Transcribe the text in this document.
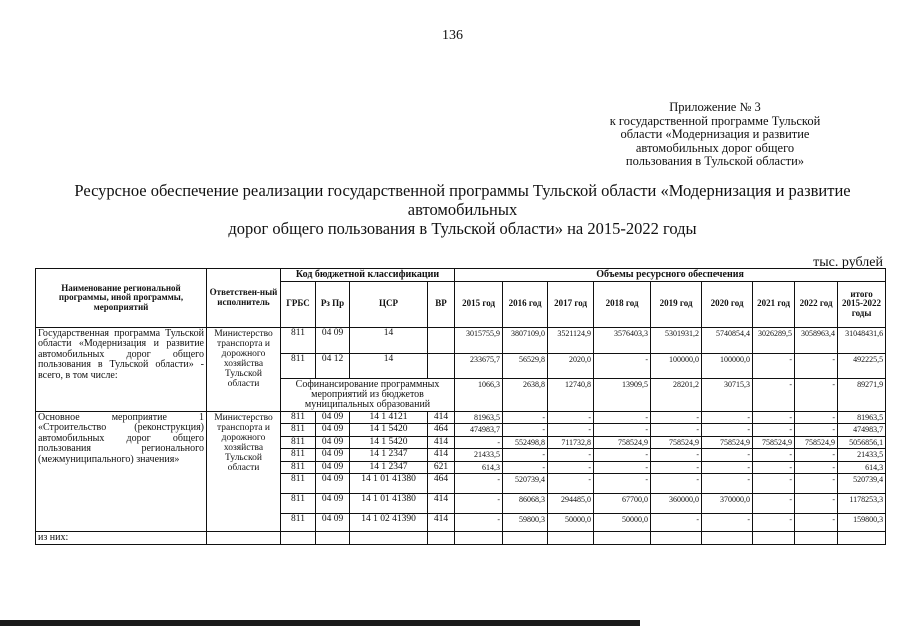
136
Приложение № 3
к государственной программе Тульской
области «Модернизация и развитие
автомобильных дорог общего
пользования в Тульской области»
Ресурсное обеспечение реализации государственной программы Тульской области «Модернизация и развитие автомобильных
дорог общего пользования в Тульской области» на 2015-2022 годы
тыс. рублей
Наименование региональной программы, иной программы, мероприятий	Ответствен-ный исполнитель	Код бюджетной классификации				Объемы ресурсного обеспечения								
		ГРБС	Рз Пр	ЦСР	ВР	2015 год	2016 год	2017 год	2018 год	2019 год	2020 год	2021 год	2022 год	итого 2015-2022 годы
Государственная программа Тульской области «Модернизация и развитие автомобильных дорог общего пользования в Тульской области» - всего, в том числе:	Министерство транспорта и дорожного хозяйства Тульской области	811	04 09	14		3015755,9	3807109,0	3521124,9	3576403,3	5301931,2	5740854,4	3026289,5	3058963,4	31048431,6
		811	04 12	14		233675,7	56529,8	2020,0	-	100000,0	100000,0	-	-	492225,5
		Софинансирование программных мероприятий из бюджетов муниципальных образований				1066,3	2638,8	12740,8	13909,5	28201,2	30715,3	-	-	89271,9
Основное мероприятие 1 «Строительство (реконструкция) автомобильных дорог общего пользования регионального (межмуниципального) значения»	Министерство транспорта и дорожного хозяйства Тульской области	811	04 09	14 1 4121	414	81963,5	-	-	-	-	-	-	-	81963,5
		811	04 09	14 1 5420	464	474983,7	-	-	-	-	-	-	-	474983,7
		811	04 09	14 1 5420	414	-	552498,8	711732,8	758524,9	758524,9	758524,9	758524,9	758524,9	5056856,1
		811	04 09	14 1 2347	414	21433,5	-	-	-	-	-	-	-	21433,5
		811	04 09	14 1 2347	621	614,3	-	-	-	-	-	-	-	614,3
		811	04 09	14 1 01 41380	464	-	520739,4	-	-	-	-	-	-	520739,4
		811	04 09	14 1 01 41380	414	-	86068,3	294485,0	67700,0	360000,0	370000,0	-	-	1178253,3
		811	04 09	14 1 02 41390	414	-	59800,3	50000,0	50000,0	-	-	-	-	159800,3
из них:														
